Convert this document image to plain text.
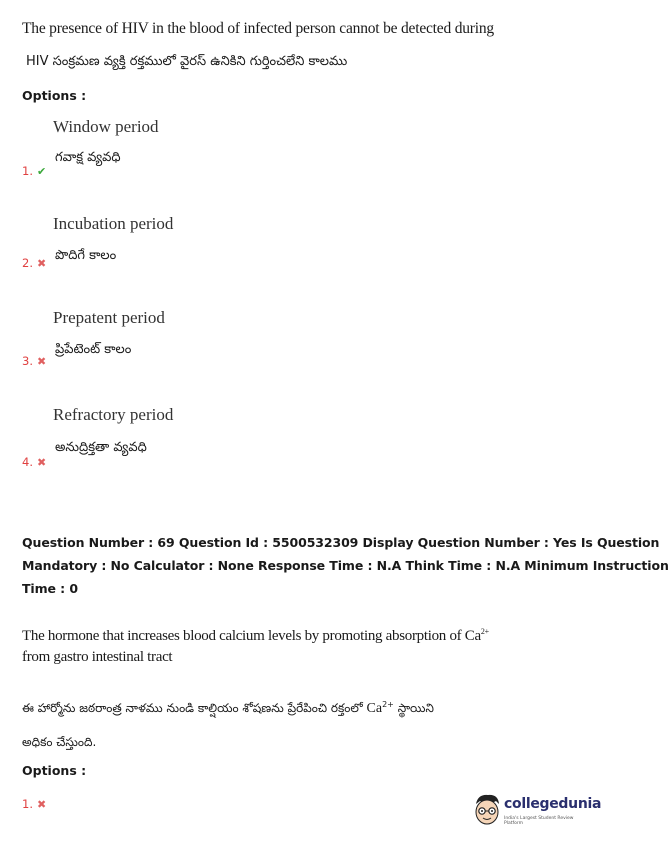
The presence of HIV in the blood of infected person cannot be detected during
HIV సంక్రమణ వ్యక్తి రక్తములో వైరస్ ఉనికిని గుర్తించలేని కాలము
Options :
Window period
గవాక్ష వ్యవధి
1. ✔
Incubation period
పొదిగే కాలం
2. ✖
Prepatent period
ప్రిపేటెంట్ కాలం
3. ✖
Refractory period
అనుద్రిక్తతా వ్యవధి
4. ✖
Question Number : 69 Question Id : 5500532309 Display Question Number : Yes Is Question
Mandatory : No Calculator : None Response Time : N.A Think Time : N.A Minimum Instruction
Time : 0
The hormone that increases blood calcium levels by promoting absorption of $Ca^{2+}$
from gastro intestinal tract
ఈ హార్మోను జఠరాంత్ర నాళము నుండి కాల్షియం శోషణను ప్రేరేపించి రక్తంలో $Ca^{2+}$ స్థాయిని
అధికం చేస్తుంది.
Options :
1. ✖	collegedunia
India's Largest Student Review Platform
